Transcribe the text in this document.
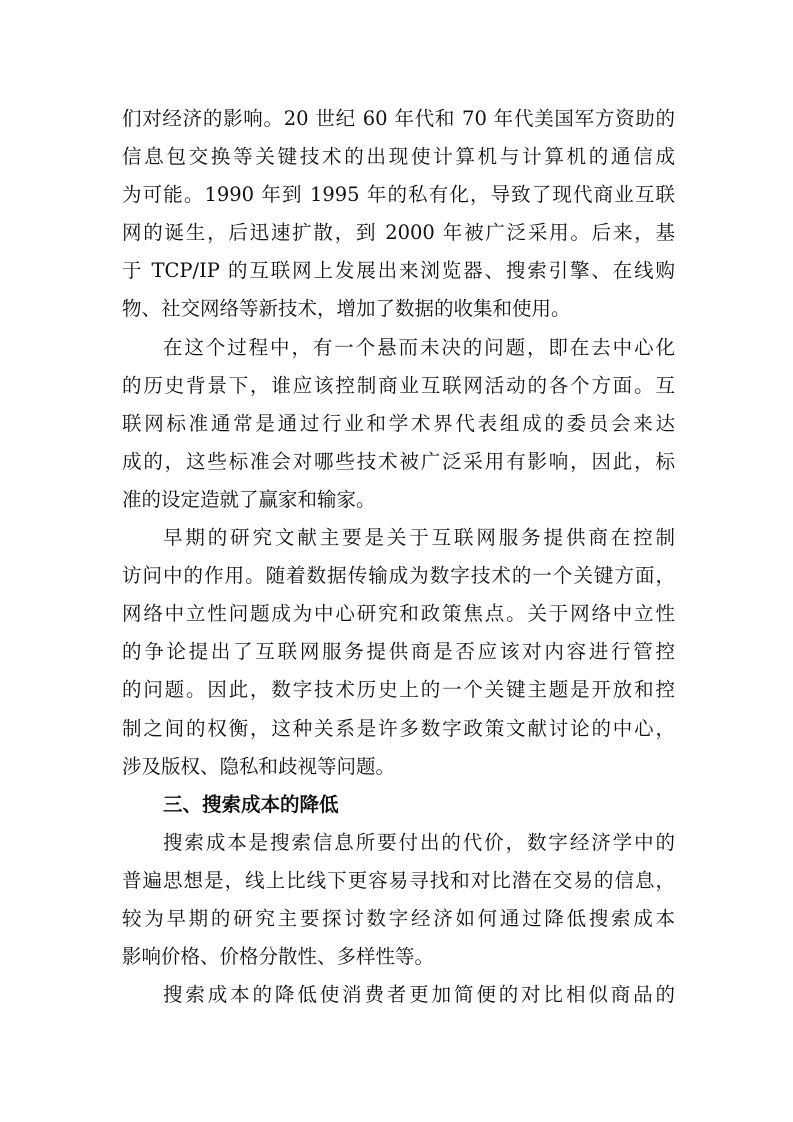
们对经济的影响。20 世纪 60 年代和 70 年代美国军方资助的
信息包交换等关键技术的出现使计算机与计算机的通信成
为可能。1990 年到 1995 年的私有化，导致了现代商业互联
网的诞生，后迅速扩散，到 2000 年被广泛采用。后来，基
于 TCP/IP 的互联网上发展出来浏览器、搜索引擎、在线购
物、社交网络等新技术，增加了数据的收集和使用。
在这个过程中，有一个悬而未决的问题，即在去中心化
的历史背景下，谁应该控制商业互联网活动的各个方面。互
联网标准通常是通过行业和学术界代表组成的委员会来达
成的，这些标准会对哪些技术被广泛采用有影响，因此，标
准的设定造就了赢家和输家。
早期的研究文献主要是关于互联网服务提供商在控制
访问中的作用。随着数据传输成为数字技术的一个关键方面，
网络中立性问题成为中心研究和政策焦点。关于网络中立性
的争论提出了互联网服务提供商是否应该对内容进行管控
的问题。因此，数字技术历史上的一个关键主题是开放和控
制之间的权衡，这种关系是许多数字政策文献讨论的中心，
涉及版权、隐私和歧视等问题。
三、搜索成本的降低
搜索成本是搜索信息所要付出的代价，数字经济学中的
普遍思想是，线上比线下更容易寻找和对比潜在交易的信息，
较为早期的研究主要探讨数字经济如何通过降低搜索成本
影响价格、价格分散性、多样性等。
搜索成本的降低使消费者更加简便的对比相似商品的
